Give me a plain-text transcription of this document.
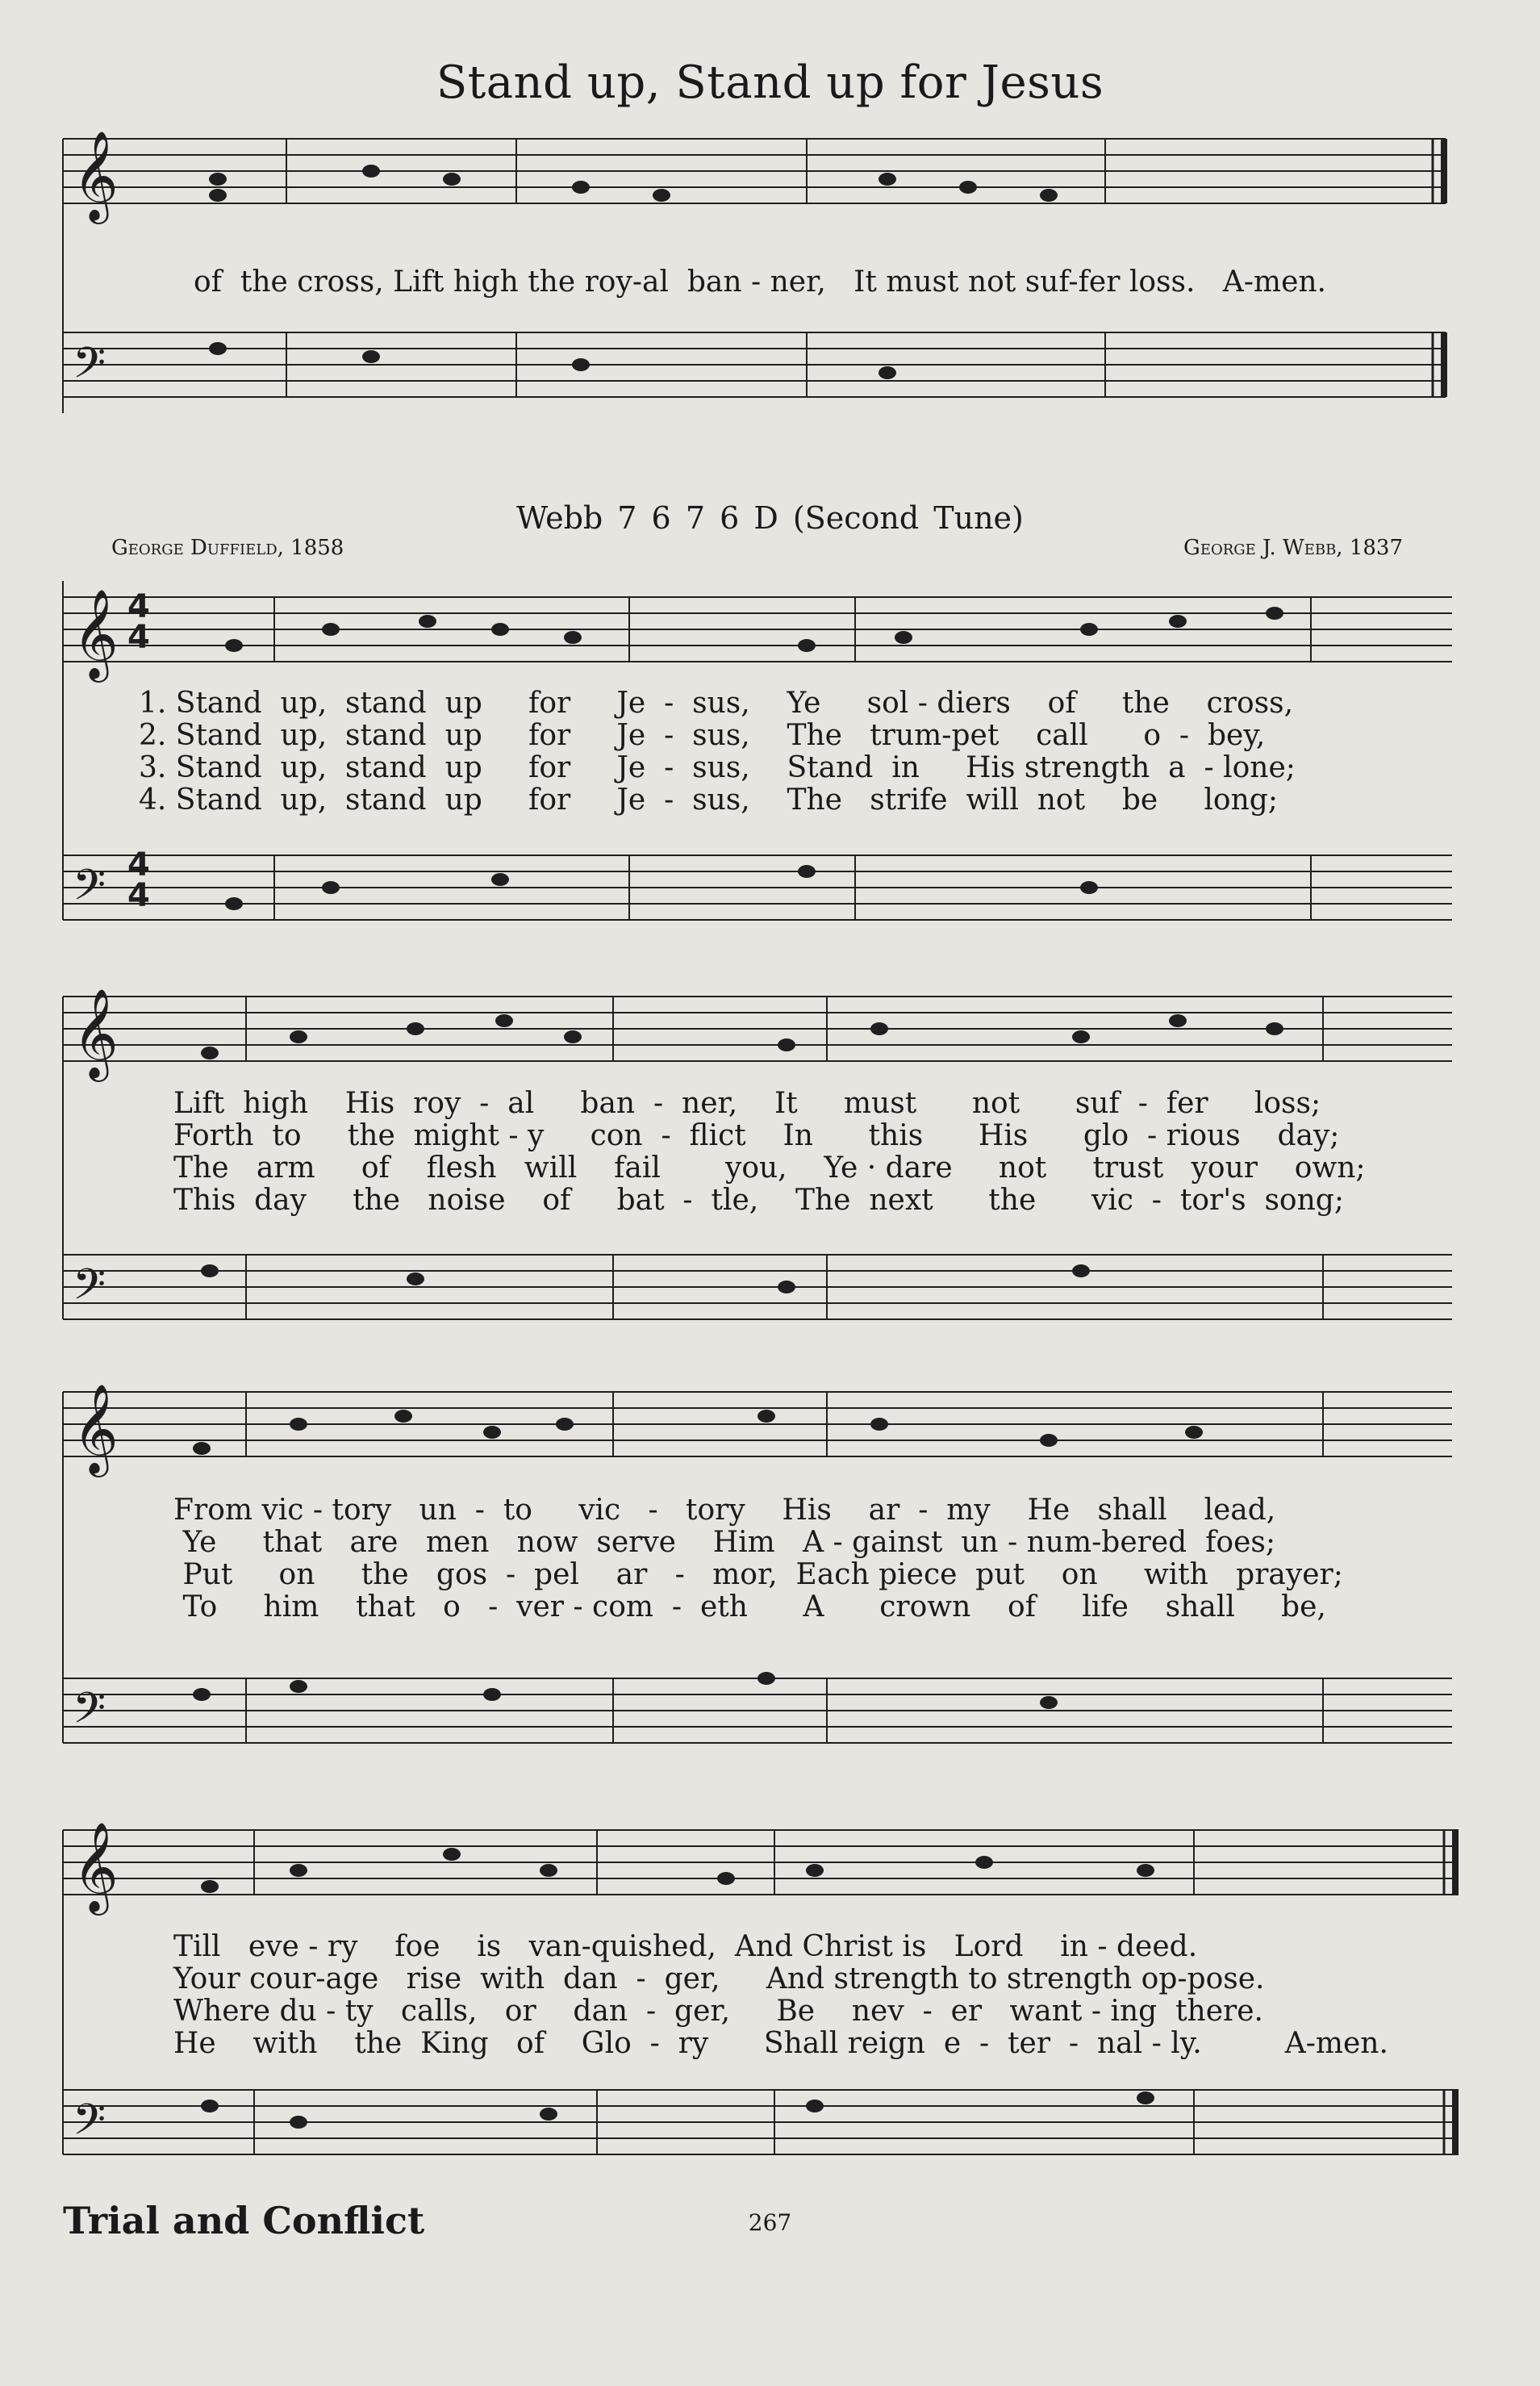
Stand up, Stand up for Jesus
𝄞
𝄢
𝄞
𝄢
𝄞
𝄢
𝄞
𝄢
𝄞
𝄢
4
4
4
4
of  the cross, Lift high the roy-al  ban - ner,   It must not suf-fer loss.   A-men.
Webb 7 6 7 6 D (Second Tune)
George Duffield, 1858	George J. Webb, 1837
1. Stand  up,  stand  up     for     Je  -  sus,    Ye     sol - diers    of     the    cross,
2. Stand  up,  stand  up     for     Je  -  sus,    The   trum-pet    call      o  -  bey,
3. Stand  up,  stand  up     for     Je  -  sus,    Stand  in     His strength  a  - lone;
4. Stand  up,  stand  up     for     Je  -  sus,    The   strife  will  not    be     long;
Lift  high    His  roy  -  al     ban  -  ner,    It     must      not      suf  -  fer     loss;
Forth  to     the  might - y     con  -  flict    In      this      His      glo  - rious    day;
The   arm     of    flesh   will    fail       you,    Ye · dare     not     trust   your    own;
This  day     the   noise    of     bat  -  tle,    The  next      the      vic  -  tor's  song;
From vic - tory   un  -  to     vic   -   tory    His    ar  -  my    He   shall    lead,
Ye     that   are   men   now  serve    Him   A - gainst  un - num-bered  foes;
Put     on     the   gos  -  pel    ar   -   mor,  Each piece  put    on     with   prayer;
To     him    that   o   -  ver - com  -  eth      A      crown    of     life    shall     be,
Till   eve - ry    foe    is   van-quished,  And Christ is   Lord    in - deed.
Your cour-age   rise  with  dan  -  ger,     And strength to strength op-pose.
Where du - ty   calls,   or    dan  -  ger,     Be    nev  -  er   want - ing  there.
He    with    the  King   of    Glo  -  ry      Shall reign  e  -  ter  -  nal - ly.         A-men.
Trial and Conflict	267
